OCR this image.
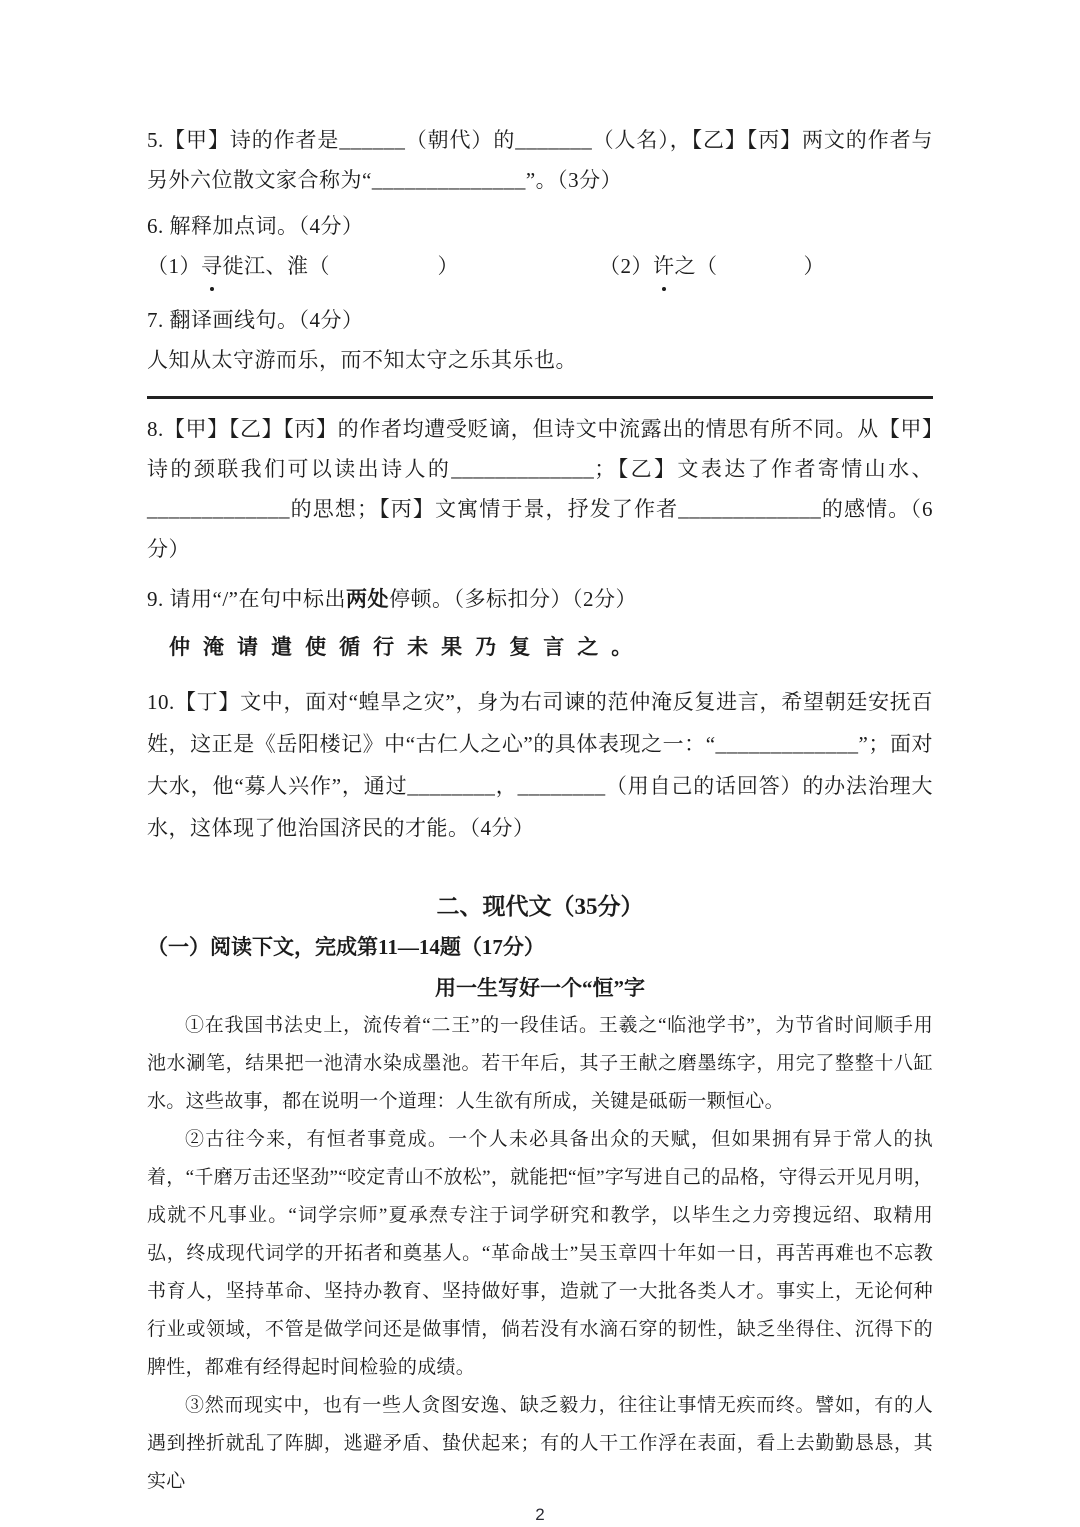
5.【甲】诗的作者是______（朝代）的_______（人名），【乙】【丙】两文的作者与另外六位散文家合称为“______________”。（3分）
6. 解释加点词。（4分）
（1）寻徙江、淮（　　　　　）	（2）许之（　　　　）
7. 翻译画线句。（4分）
人知从太守游而乐，而不知太守之乐其乐也。
8.【甲】【乙】【丙】的作者均遭受贬谪，但诗文中流露出的情思有所不同。从【甲】诗的颈联我们可以读出诗人的_____________；【乙】文表达了作者寄情山水、_____________的思想；【丙】文寓情于景，抒发了作者_____________的感情。（6分）
9. 请用“/”在句中标出两处停顿。（多标扣分）（2分）
仲淹请遣使循行未果乃复言之。
10.【丁】文中，面对“蝗旱之灾”，身为右司谏的范仲淹反复进言，希望朝廷安抚百姓，这正是《岳阳楼记》中“古仁人之心”的具体表现之一：“_____________”；面对大水，他“募人兴作”，通过________，________（用自己的话回答）的办法治理大水，这体现了他治国济民的才能。（4分）
二、现代文（35分）
（一）阅读下文，完成第11—14题（17分）
用一生写好一个“恒”字
①在我国书法史上，流传着“二王”的一段佳话。王羲之“临池学书”，为节省时间顺手用池水涮笔，结果把一池清水染成墨池。若干年后，其子王献之磨墨练字，用完了整整十八缸水。这些故事，都在说明一个道理：人生欲有所成，关键是砥砺一颗恒心。
②古往今来，有恒者事竟成。一个人未必具备出众的天赋，但如果拥有异于常人的执着，“千磨万击还坚劲”“咬定青山不放松”，就能把“恒”字写进自己的品格，守得云开见月明，成就不凡事业。“词学宗师”夏承焘专注于词学研究和教学，以毕生之力旁搜远绍、取精用弘，终成现代词学的开拓者和奠基人。“革命战士”吴玉章四十年如一日，再苦再难也不忘教书育人，坚持革命、坚持办教育、坚持做好事，造就了一大批各类人才。事实上，无论何种行业或领域，不管是做学问还是做事情，倘若没有水滴石穿的韧性，缺乏坐得住、沉得下的脾性，都难有经得起时间检验的成绩。
③然而现实中，也有一些人贪图安逸、缺乏毅力，往往让事情无疾而终。譬如，有的人遇到挫折就乱了阵脚，逃避矛盾、蛰伏起来；有的人干工作浮在表面，看上去勤勤恳恳，其实心
2
